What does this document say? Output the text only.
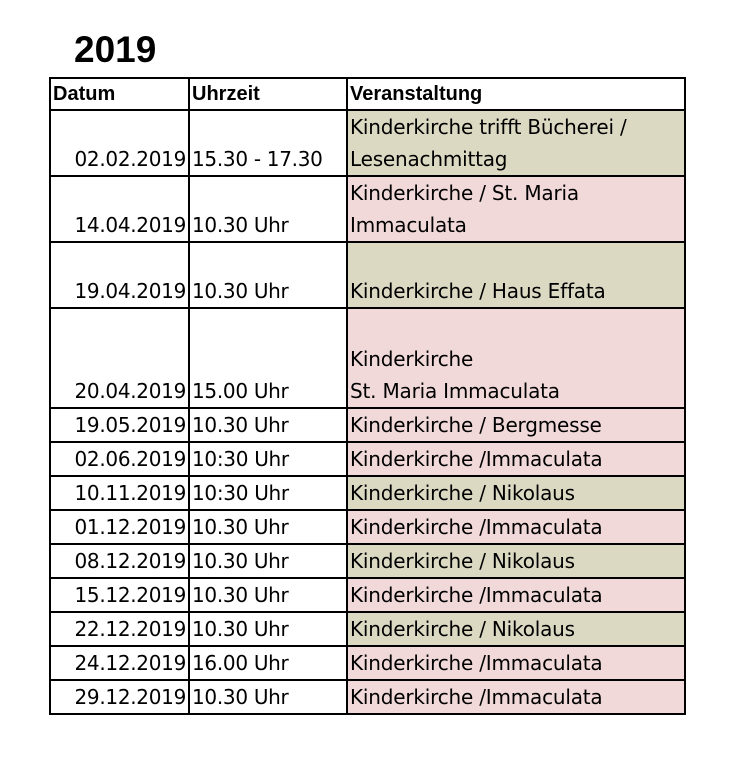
2019
Datum	Uhrzeit	Veranstaltung
02.02.2019	15.30 - 17.30	Kinderkirche trifft Bücherei /
Lesenachmittag

14.04.2019	10.30 Uhr	Kinderkirche / St. Maria
Immaculata

19.04.2019	10.30 Uhr	Kinderkirche / Haus Effata

20.04.2019	15.00 Uhr	Kinderkirche
St. Maria Immaculata

19.05.2019	10.30 Uhr	Kinderkirche / Bergmesse

02.06.2019	10:30 Uhr	Kinderkirche /Immaculata

10.11.2019	10:30 Uhr	Kinderkirche / Nikolaus

01.12.2019	10.30 Uhr	Kinderkirche /Immaculata

08.12.2019	10.30 Uhr	Kinderkirche / Nikolaus

15.12.2019	10.30 Uhr	Kinderkirche /Immaculata

22.12.2019	10.30 Uhr	Kinderkirche / Nikolaus

24.12.2019	16.00 Uhr	Kinderkirche /Immaculata

29.12.2019	10.30 Uhr	Kinderkirche /Immaculata
